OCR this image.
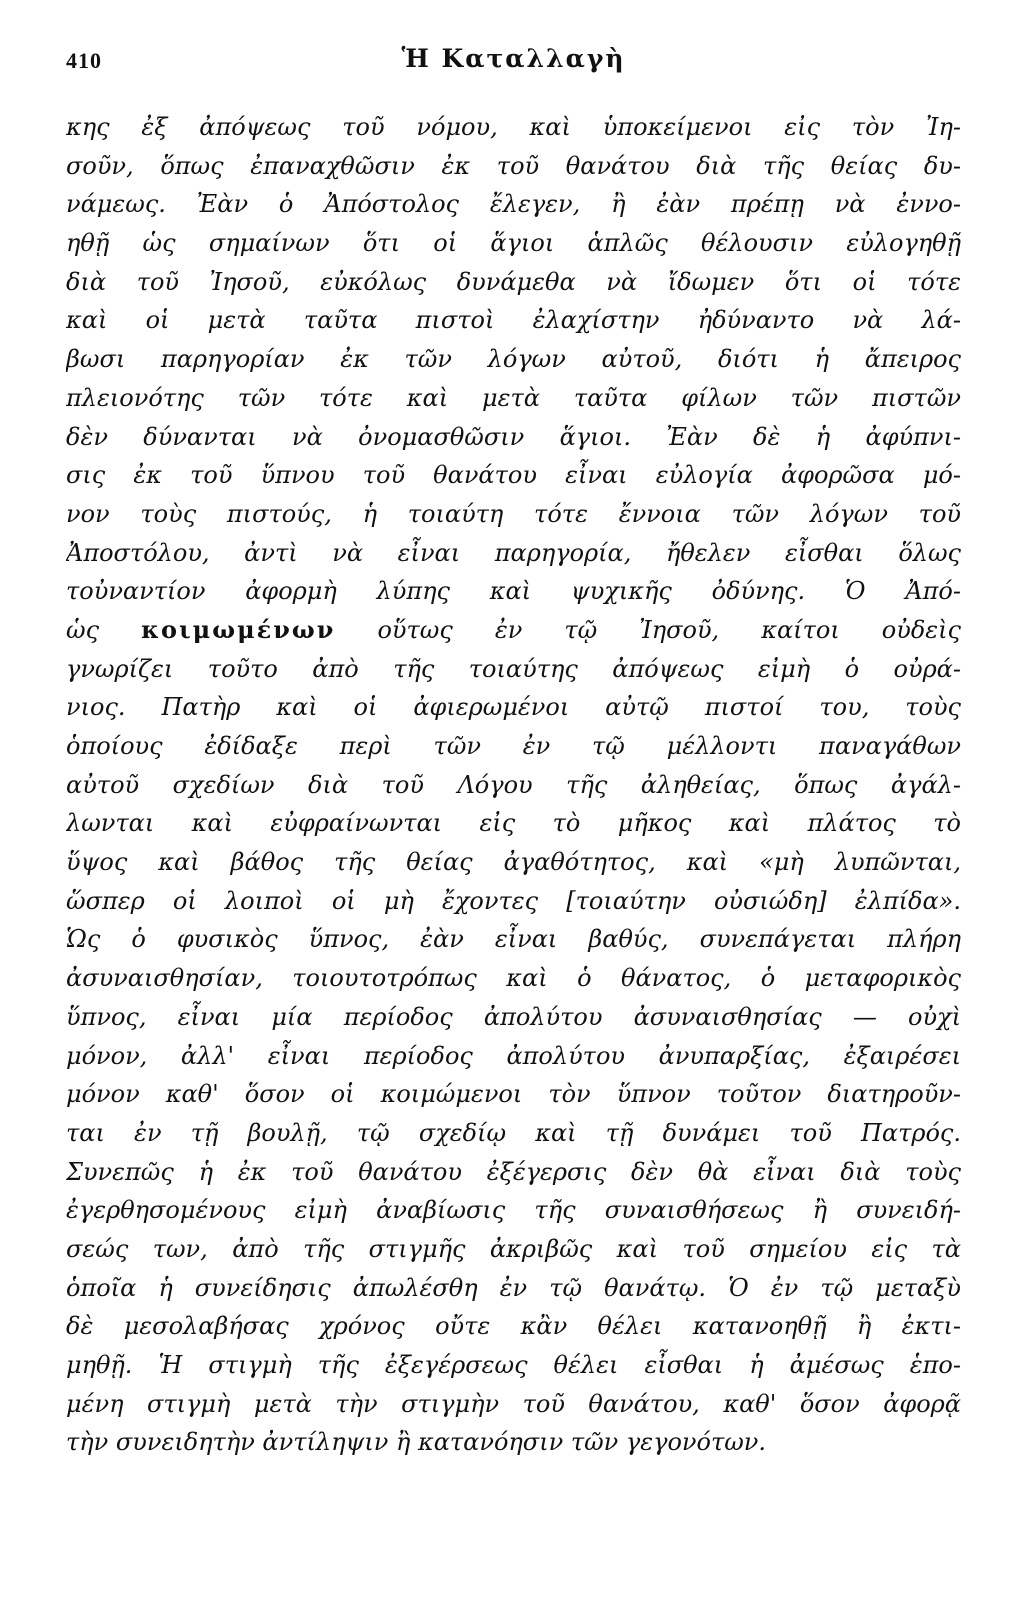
410	Ἡ Καταλλαγὴ
κης ἐξ ἀπόψεως τοῦ νόμου, καὶ ὑποκείμενοι εἰς τὸν Ἰη-
σοῦν, ὅπως ἐπαναχθῶσιν ἐκ τοῦ θανάτου διὰ τῆς θείας δυ-
νάμεως. Ἐὰν ὁ Ἀπόστολος ἔλεγεν, ἢ ἐὰν πρέπῃ νὰ ἐννο-
ηθῇ ὡς σημαίνων ὅτι οἱ ἅγιοι ἁπλῶς θέλουσιν εὐλογηθῇ
διὰ τοῦ Ἰησοῦ, εὐκόλως δυνάμεθα νὰ ἴδωμεν ὅτι οἱ τότε
καὶ οἱ μετὰ ταῦτα πιστοὶ ἐλαχίστην ἠδύναντο νὰ λά-
βωσι παρηγορίαν ἐκ τῶν λόγων αὐτοῦ, διότι ἡ ἄπειρος
πλειονότης τῶν τότε καὶ μετὰ ταῦτα φίλων τῶν πιστῶν
δὲν δύνανται νὰ ὀνομασθῶσιν ἅγιοι. Ἐὰν δὲ ἡ ἀφύπνι-
σις ἐκ τοῦ ὕπνου τοῦ θανάτου εἶναι εὐλογία ἀφορῶσα μό-
νον τοὺς πιστούς, ἡ τοιαύτη τότε ἔννοια τῶν λόγων τοῦ
Ἀποστόλου, ἀντὶ νὰ εἶναι παρηγορία, ἤθελεν εἶσθαι ὅλως
τοὐναντίον ἀφορμὴ λύπης καὶ ψυχικῆς ὀδύνης. Ὁ Ἀπό-
ὡς κοιμωμένων οὕτως ἐν τῷ Ἰησοῦ, καίτοι οὐδεὶς
γνωρίζει τοῦτο ἀπὸ τῆς τοιαύτης ἀπόψεως εἰμὴ ὁ οὐρά-
νιος. Πατὴρ καὶ οἱ ἀφιερωμένοι αὐτῷ πιστοί του, τοὺς
ὁποίους ἐδίδαξε περὶ τῶν ἐν τῷ μέλλοντι παναγάθων
αὐτοῦ σχεδίων διὰ τοῦ Λόγου τῆς ἀληθείας, ὅπως ἀγάλ-
λωνται καὶ εὐφραίνωνται εἰς τὸ μῆκος καὶ πλάτος τὸ
ὕψος καὶ βάθος τῆς θείας ἀγαθότητος, καὶ «μὴ λυπῶνται,
ὥσπερ οἱ λοιποὶ οἱ μὴ ἔχοντες [τοιαύτην οὐσιώδη] ἐλπίδα».
Ὡς ὁ φυσικὸς ὕπνος, ἐὰν εἶναι βαθύς, συνεπάγεται πλήρη
ἀσυναισθησίαν, τοιουτοτρόπως καὶ ὁ θάνατος, ὁ μεταφορικὸς
ὕπνος, εἶναι μία περίοδος ἀπολύτου ἀσυναισθησίας — οὐχὶ
μόνον, ἀλλ' εἶναι περίοδος ἀπολύτου ἀνυπαρξίας, ἐξαιρέσει
μόνον καθ' ὅσον οἱ κοιμώμενοι τὸν ὕπνον τοῦτον διατηροῦν-
ται ἐν τῇ βουλῇ, τῷ σχεδίῳ καὶ τῇ δυνάμει τοῦ Πατρός.
Συνεπῶς ἡ ἐκ τοῦ θανάτου ἐξέγερσις δὲν θὰ εἶναι διὰ τοὺς
ἐγερθησομένους εἰμὴ ἀναβίωσις τῆς συναισθήσεως ἢ συνειδή-
σεώς των, ἀπὸ τῆς στιγμῆς ἀκριβῶς καὶ τοῦ σημείου εἰς τὰ
ὁποῖα ἡ συνείδησις ἀπωλέσθη ἐν τῷ θανάτῳ. Ὁ ἐν τῷ μεταξὺ
δὲ μεσολαβήσας χρόνος οὔτε κἂν θέλει κατανοηθῇ ἢ ἐκτι-
μηθῇ. Ἡ στιγμὴ τῆς ἐξεγέρσεως θέλει εἶσθαι ἡ ἀμέσως ἑπο-
μένη στιγμὴ μετὰ τὴν στιγμὴν τοῦ θανάτου, καθ' ὅσον ἀφορᾷ
τὴν συνειδητὴν ἀντίληψιν ἢ κατανόησιν τῶν γεγονότων.
